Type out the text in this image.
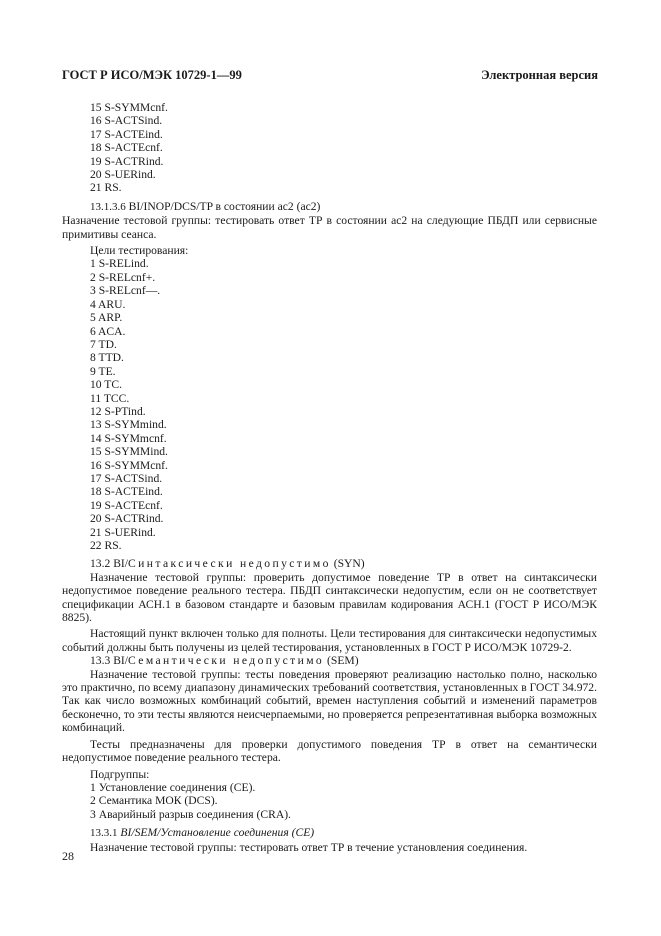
ГОСТ Р ИСО/МЭК 10729-1—99	Электронная версия
15 S-SYMMcnf.
16 S-ACTSind.
17 S-ACTEind.
18 S-ACTEcnf.
19 S-ACTRind.
20 S-UERind.
21 RS.
13.1.3.6 BI/INOP/DCS/TP в состоянии ac2 (ac2)
Назначение тестовой группы: тестировать ответ ТР в состоянии ас2 на следующие ПБДП или сервисные примитивы сеанса.
Цели тестирования:
1 S-RELind.
2 S-RELcnf+.
3 S-RELcnf—.
4 ARU.
5 ARP.
6 ACA.
7 TD.
8 TTD.
9 TE.
10 TC.
11 TCC.
12 S-PTind.
13 S-SYMmind.
14 S-SYMmcnf.
15 S-SYMMind.
16 S-SYMMcnf.
17 S-ACTSind.
18 S-ACTEind.
19 S-ACTEcnf.
20 S-ACTRind.
21 S-UERind.
22 RS.
13.2 BI/Синтаксически недопустимо (SYN)
Назначение тестовой группы: проверить допустимое поведение ТР в ответ на синтаксически недопустимое поведение реального тестера. ПБДП синтаксически недопустим, если он не соответствует спецификации АСН.1 в базовом стандарте и базовым правилам кодирования АСН.1 (ГОСТ Р ИСО/МЭК 8825).
Настоящий пункт включен только для полноты. Цели тестирования для синтаксически недопустимых событий должны быть получены из целей тестирования, установленных в ГОСТ Р ИСО/МЭК 10729-2.
13.3 BI/Семантически недопустимо (SEM)
Назначение тестовой группы: тесты поведения проверяют реализацию настолько полно, насколько это практично, по всему диапазону динамических требований соответствия, установленных в ГОСТ 34.972. Так как число возможных комбинаций событий, времен наступления событий и изменений параметров бесконечно, то эти тесты являются неисчерпаемыми, но проверяется репрезентативная выборка возможных комбинаций.
Тесты предназначены для проверки допустимого поведения ТР в ответ на семантически недопустимое поведение реального тестера.
Подгруппы:
1 Установление соединения (СЕ).
2 Семантика МОК (DCS).
3 Аварийный разрыв соединения (CRA).
13.3.1 BI/SEM/Установление соединения (CE)
Назначение тестовой группы: тестировать ответ ТР в течение установления соединения.
28
